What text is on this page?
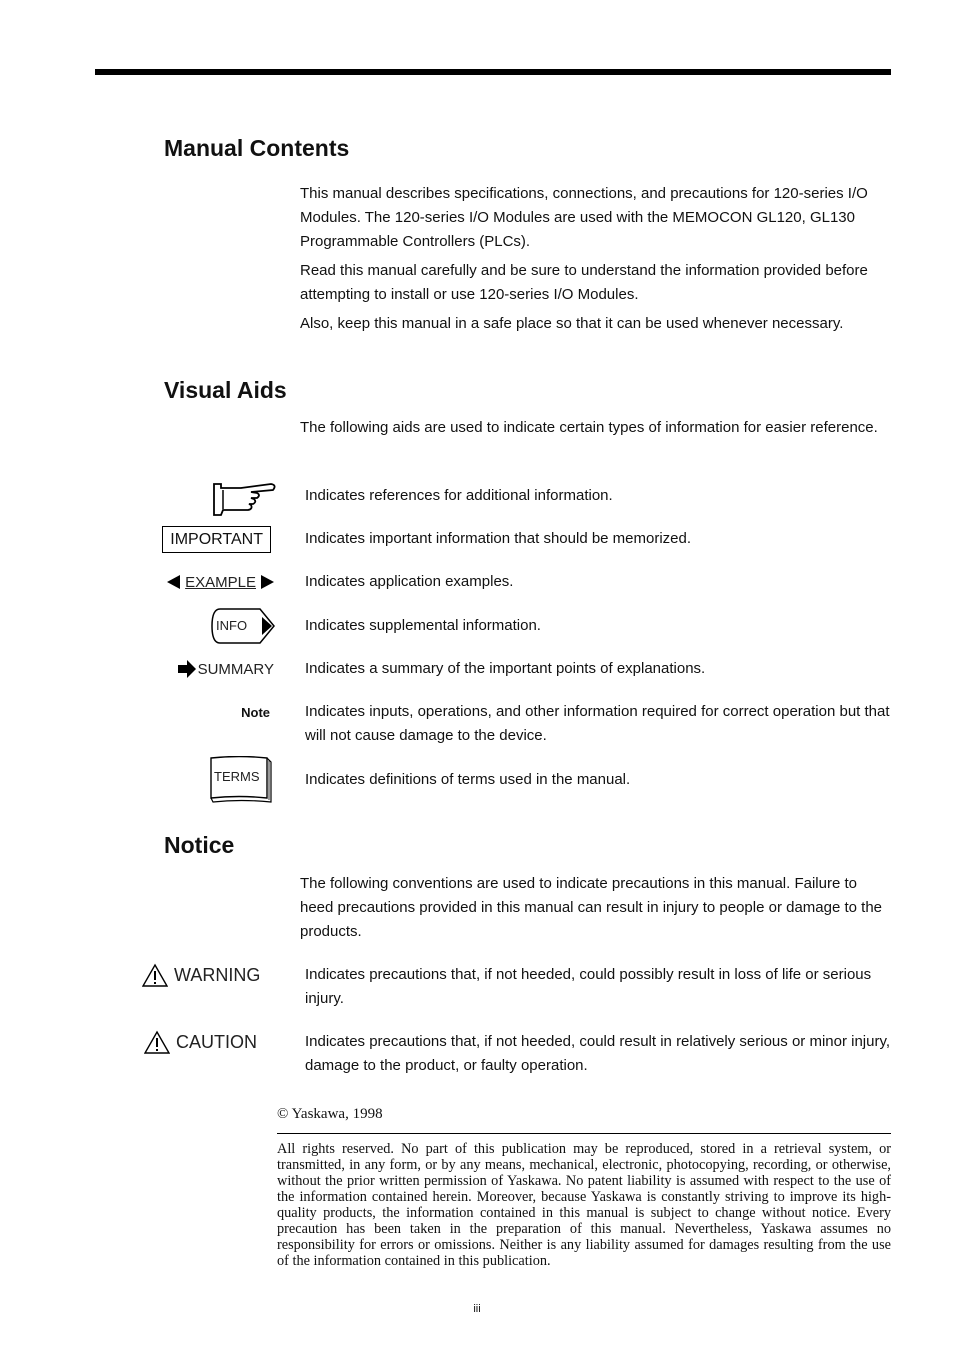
Manual Contents

This manual describes specifications, connections, and precautions for 120-series I/O Modules. The 120-series I/O Modules are used with the MEMOCON GL120, GL130 Programmable Controllers (PLCs).

Read this manual carefully and be sure to understand the information provided before attempting to install or use 120-series I/O Modules.

Also, keep this manual in a safe place so that it can be used whenever necessary.

Visual Aids

The following aids are used to indicate certain types of information for easier reference.

Indicates references for additional information.
IMPORTANT	Indicates important information that should be memorized.
EXAMPLE	Indicates application examples.
INFO	Indicates supplemental information.
SUMMARY Indicates a summary of the important points of explanations.
Note Indicates inputs, operations, and other information required for correct operation but that will not cause damage to the device.
TERMS	Indicates definitions of terms used in the manual.
Notice

The following conventions are used to indicate precautions in this manual. Failure to heed precautions provided in this manual can result in injury to people or damage to the products.

WARNING	Indicates precautions that, if not heeded, could possibly result in loss of life or serious injury.
CAUTION	Indicates precautions that, if not heeded, could result in relatively serious or minor injury, damage to the product, or faulty operation.
© Yaskawa, 1998
All rights reserved. No part of this publication may be reproduced, stored in a retrieval system, or transmitted, in any form, or by any means, mechanical, electronic, photocopying, recording, or otherwise, without the prior written permission of Yaskawa. No patent liability is assumed with respect to the use of the information contained herein. Moreover, because Yaskawa is constantly striving to improve its high-quality products, the information contained in this manual is subject to change without notice. Every precaution has been taken in the preparation of this manual. Nevertheless, Yaskawa assumes no responsibility for errors or omissions. Neither is any liability assumed for damages resulting from the use of the information contained in this publication.
iii
